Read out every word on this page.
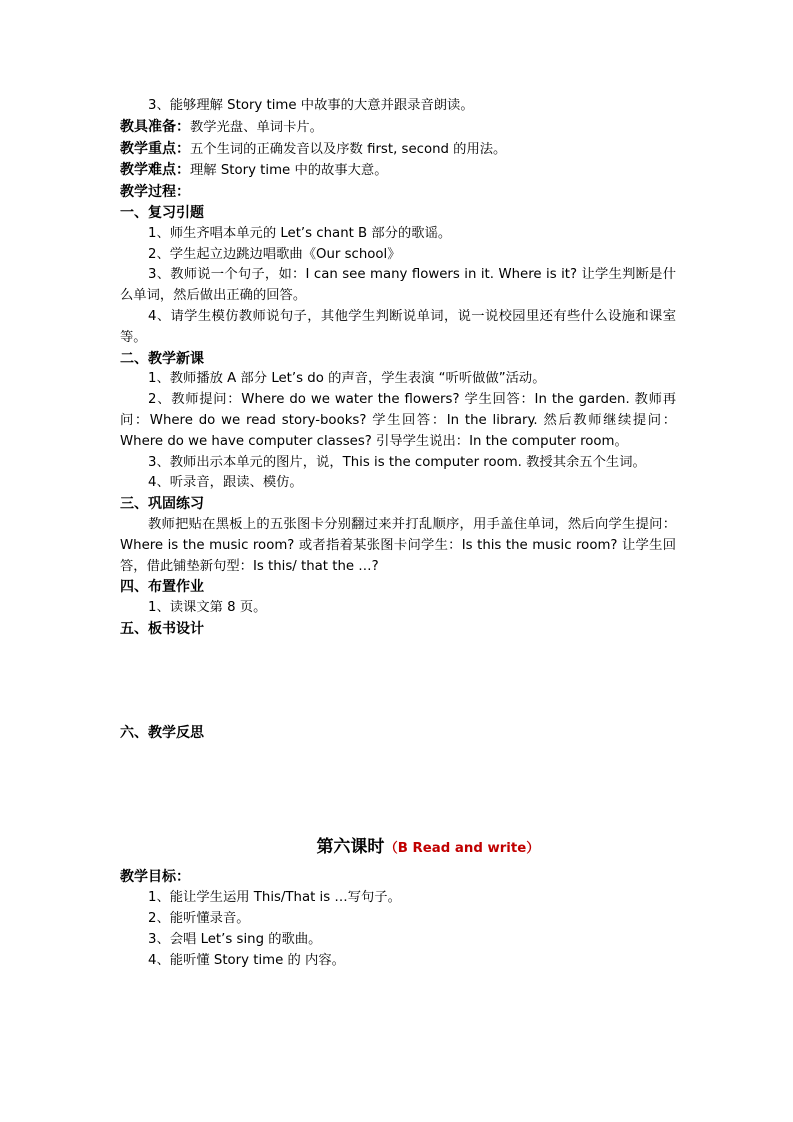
3、能够理解 Story time 中故事的大意并跟录音朗读。
教具准备：教学光盘、单词卡片。
教学重点：五个生词的正确发音以及序数 first, second 的用法。
教学难点：理解 Story time 中的故事大意。
教学过程：
一、复习引题
1、师生齐唱本单元的 Let’s chant B 部分的歌谣。
2、学生起立边跳边唱歌曲《Our school》
3、教师说一个句子，如：I can see many flowers in it. Where is it? 让学生判断是什么单词，然后做出正确的回答。
4、请学生模仿教师说句子，其他学生判断说单词，说一说校园里还有些什么设施和课室等。
二、教学新课
1、教师播放 A 部分 Let’s do 的声音，学生表演 “听听做做”活动。
2、教师提问：Where do we water the flowers? 学生回答：In the garden. 教师再问：Where do we read story-books? 学生回答：In the library. 然后教师继续提问：Where do we have computer classes? 引导学生说出：In the computer room。
3、教师出示本单元的图片，说，This is the computer room. 教授其余五个生词。
4、听录音，跟读、模仿。
三、巩固练习
教师把贴在黑板上的五张图卡分别翻过来并打乱顺序，用手盖住单词，然后向学生提问：Where is the music room? 或者指着某张图卡问学生：Is this the music room? 让学生回答，借此铺垫新句型：Is this/ that the …?
四、布置作业
1、读课文第 8 页。
五、板书设计
六、教学反思
第六课时（B Read and write）
教学目标：
1、能让学生运用 This/That is …写句子。
2、能听懂录音。
3、会唱 Let’s sing 的歌曲。
4、能听懂 Story time 的 内容。
